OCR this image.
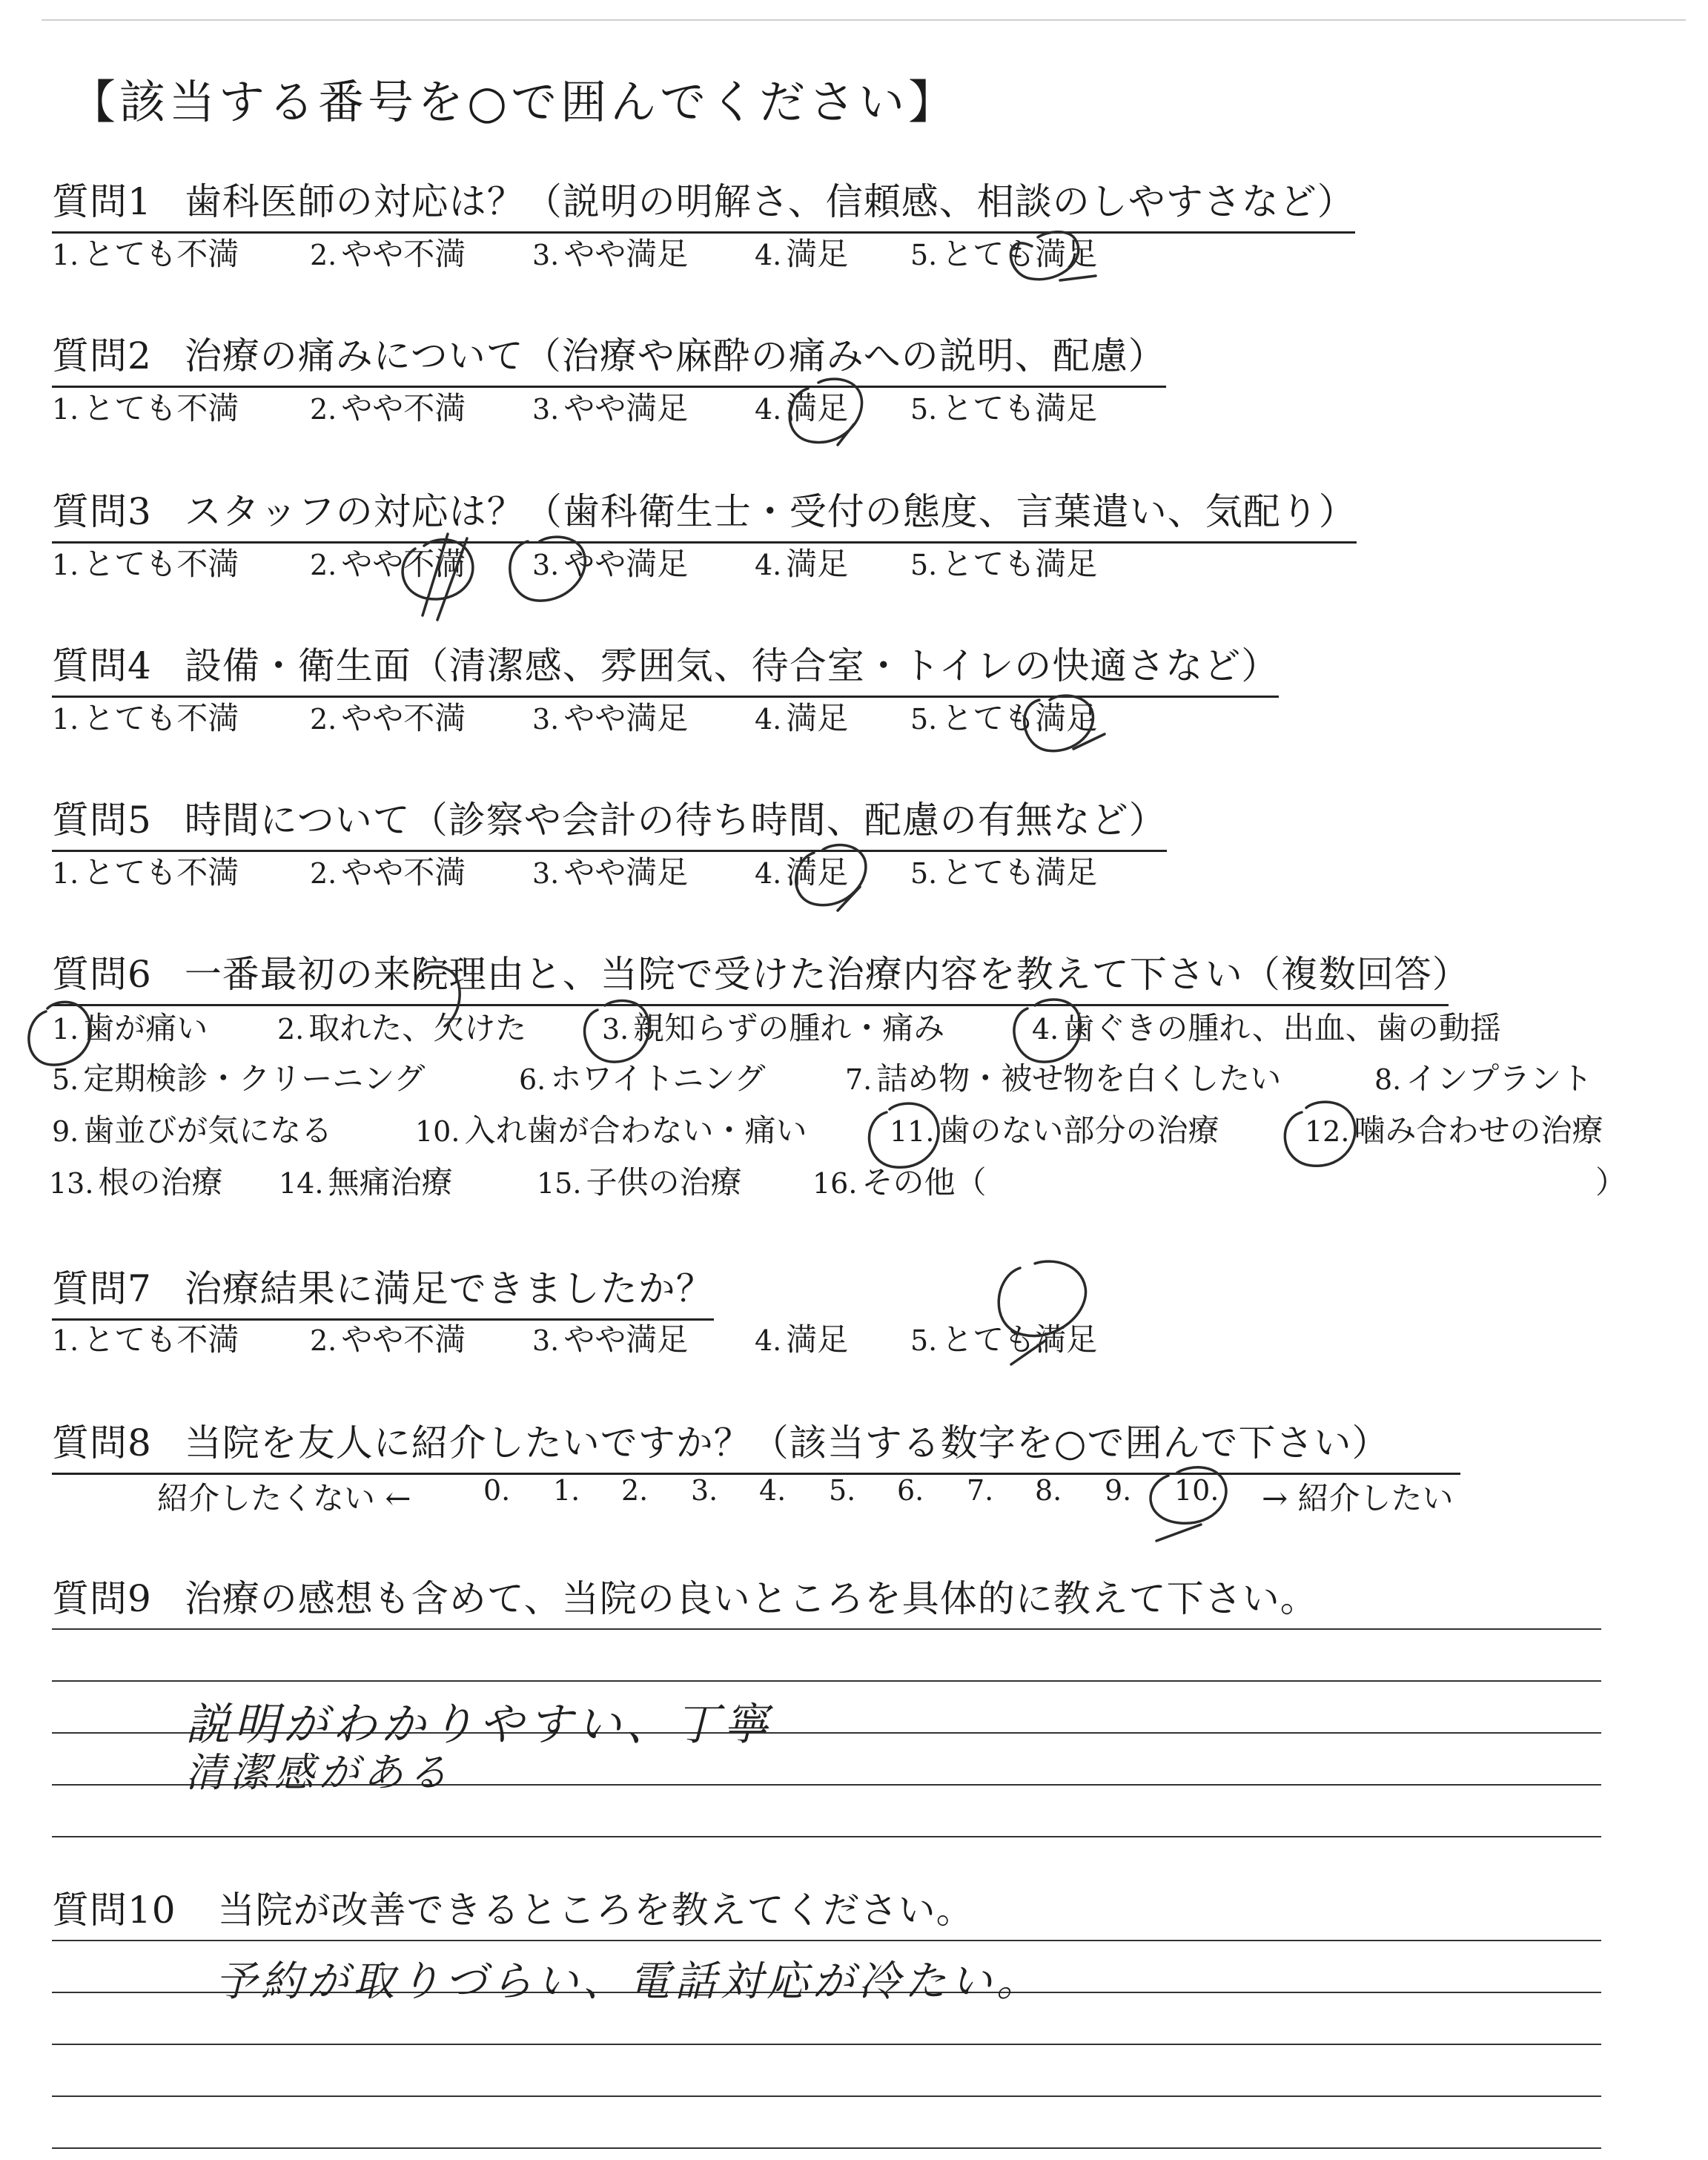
【該当する番号を○で囲んでください】
質問1 歯科医師の対応は？（説明の明解さ、信頼感、相談のしやすさなど）
1. とても不満	2. やや不満 3. やや満足 4. 満足 5. とても満足
質問2 治療の痛みについて（治療や麻酔の痛みへの説明、配慮）
1. とても不満	2. やや不満 3. やや満足 4. 満足 5. とても満足
質問3 スタッフの対応は？（歯科衛生士・受付の態度、言葉遣い、気配り）
1. とても不満	2. やや不満 3. やや満足 4. 満足 5. とても満足
質問4 設備・衛生面（清潔感、雰囲気、待合室・トイレの快適さなど）
1. とても不満	2. やや不満 3. やや満足 4. 満足 5. とても満足
質問5 時間について（診察や会計の待ち時間、配慮の有無など）
1. とても不満	2. やや不満 3. やや満足 4. 満足 5. とても満足
質問6 一番最初の来院理由と、当院で受けた治療内容を教えて下さい（複数回答）
1. 歯が痛い 2. 取れた、欠けた	3. 親知らずの腫れ・痛み	4. 歯ぐきの腫れ、出血、歯の動揺
5. 定期検診・クリーニング	6. ホワイトニング	7. 詰め物・被せ物を白くしたい	8. インプラント
9. 歯並びが気になる	10. 入れ歯が合わない・痛い	11. 歯のない部分の治療	12. 噛み合わせの治療
13. 根の治療 14. 無痛治療	15. 子供の治療	16. その他（	）
質問7 治療結果に満足できましたか？
1. とても不満	2. やや不満 3. やや満足 4. 満足 5. とても満足
質問8 当院を友人に紹介したいですか？（該当する数字を○で囲んで下さい）
紹介したくない ←	0. 1. 2. 3. 4. 5. 6. 7. 8. 9. 10. → 紹介したい
質問9 治療の感想も含めて、当院の良いところを具体的に教えて下さい。
説明がわかりやすい、丁寧
清潔感がある
質問10 当院が改善できるところを教えてください。
予約が取りづらい、電話対応が冷たい。
